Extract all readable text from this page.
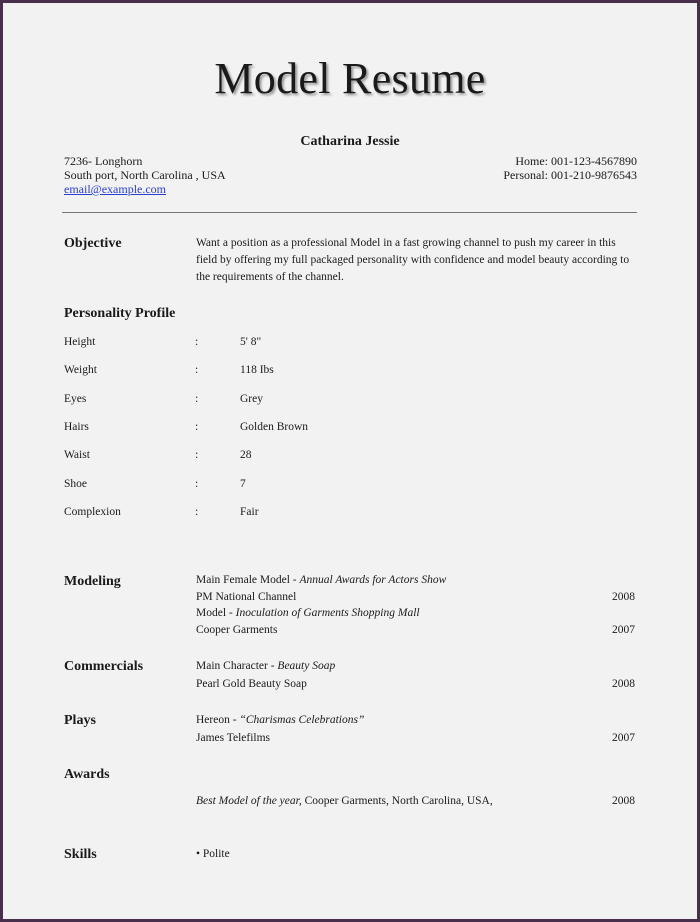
Model Resume
Catharina Jessie
7236- Longhorn
South port, North Carolina , USA
email@example.com
Home: 001-123-4567890
Personal: 001-210-9876543
Objective	Want a position as a professional Model in a fast growing channel to push my career in this field by offering my full packaged personality with confidence and model beauty according to the requirements of the channel.
Personality Profile
Height	:	5' 8"
Weight	:	118 Ibs
Eyes	:	Grey
Hairs	:	Golden Brown
Waist	:	28
Shoe	:	7
Complexion	:	Fair
Modeling	Main Female Model - Annual Awards for Actors Show
PM National Channel	2008
Model - Inoculation of Garments Shopping Mall
Cooper Garments	2007
Commercials	Main Character - Beauty Soap
Pearl Gold Beauty Soap	2008
Plays	Hereon - “Charismas Celebrations”
James Telefilms	2007
Awards
Best Model of the year, Cooper Garments, North Carolina, USA,	2008
Skills	• Polite
